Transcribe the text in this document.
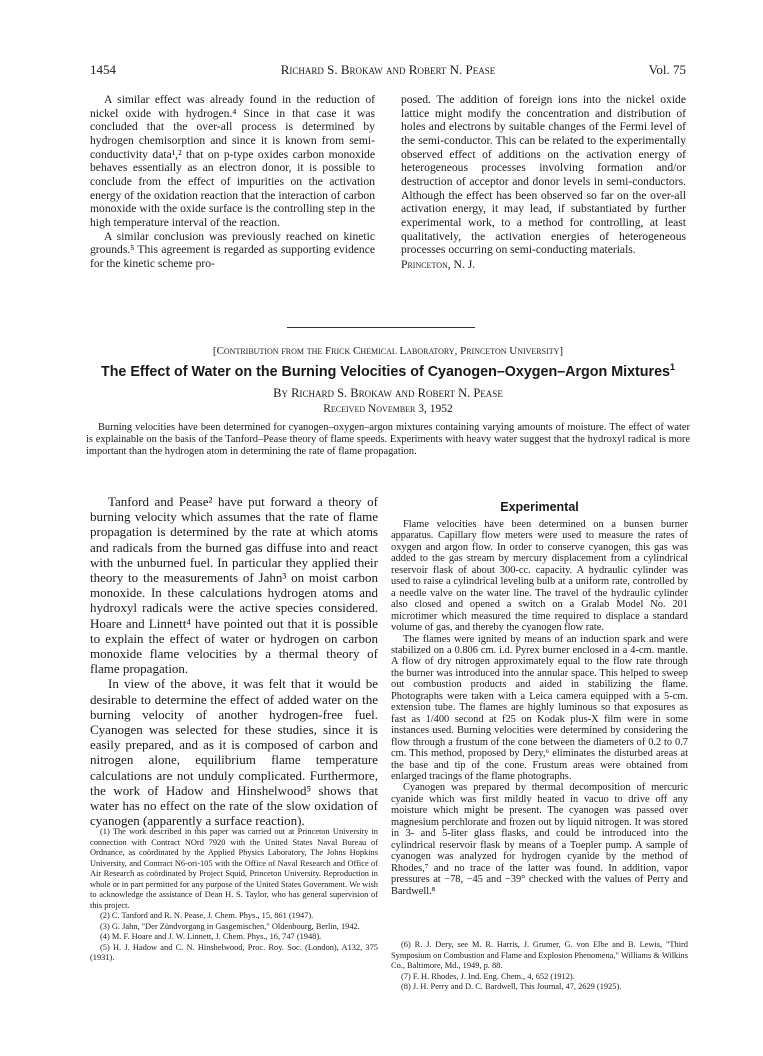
1454	Richard S. Brokaw and Robert N. Pease	Vol. 75

A similar effect was already found in the reduction of nickel oxide with hydrogen.⁴ Since in that case it was concluded that the over-all process is determined by hydrogen chemisorption and since it is known from semi-conductivity data¹,² that on p-type oxides carbon monoxide behaves essentially as an electron donor, it is possible to conclude from the effect of impurities on the activation energy of the oxidation reaction that the interaction of carbon monoxide with the oxide surface is the controlling step in the high temperature interval of the reaction.

A similar conclusion was previously reached on kinetic grounds.⁵ This agreement is regarded as supporting evidence for the kinetic scheme pro-

posed. The addition of foreign ions into the nickel oxide lattice might modify the concentration and distribution of holes and electrons by suitable changes of the Fermi level of the semi-conductor. This can be related to the experimentally observed effect of additions on the activation energy of heterogeneous processes involving formation and/or destruction of acceptor and donor levels in semi-conductors. Although the effect has been observed so far on the over-all activation energy, it may lead, if substantiated by further experimental work, to a method for controlling, at least qualitatively, the activation energies of heterogeneous processes occurring on semi-conducting materials.

Princeton, N. J.

[Contribution from the Frick Chemical Laboratory, Princeton University]
The Effect of Water on the Burning Velocities of Cyanogen–Oxygen–Argon Mixtures$^1$
By Richard S. Brokaw and Robert N. Pease
Received November 3, 1952

Burning velocities have been determined for cyanogen–oxygen–argon mixtures containing varying amounts of moisture. The effect of water is explainable on the basis of the Tanford–Pease theory of flame speeds. Experiments with heavy water suggest that the hydroxyl radical is more important than the hydrogen atom in determining the rate of flame propagation.

Tanford and Pease² have put forward a theory of burning velocity which assumes that the rate of flame propagation is determined by the rate at which atoms and radicals from the burned gas diffuse into and react with the unburned fuel. In particular they applied their theory to the measurements of Jahn³ on moist carbon monoxide. In these calculations hydrogen atoms and hydroxyl radicals were the active species considered. Hoare and Linnett⁴ have pointed out that it is possible to explain the effect of water or hydrogen on carbon monoxide flame velocities by a thermal theory of flame propagation.

In view of the above, it was felt that it would be desirable to determine the effect of added water on the burning velocity of another hydrogen-free fuel. Cyanogen was selected for these studies, since it is easily prepared, and as it is composed of carbon and nitrogen alone, equilibrium flame temperature calculations are not unduly complicated. Furthermore, the work of Hadow and Hinshelwood⁵ shows that water has no effect on the rate of the slow oxidation of cyanogen (apparently a surface reaction).

(1) The work described in this paper was carried out at Princeton University in connection with Contract NOrd 7920 with the United States Naval Bureau of Ordnance, as coördinated by the Applied Physics Laboratory, The Johns Hopkins University, and Contract N6-ori-105 with the Office of Naval Research and Office of Air Research as coördinated by Project Squid, Princeton University. Reproduction in whole or in part permitted for any purpose of the United States Government. We wish to acknowledge the assistance of Dean H. S. Taylor, who has general supervision of this project.

(2) C. Tanford and R. N. Pease, J. Chem. Phys., 15, 861 (1947).

(3) G. Jahn, "Der Zündvorgang in Gasgemischen," Oldenbourg, Berlin, 1942.

(4) M. F. Hoare and J. W. Linnett, J. Chem. Phys., 16, 747 (1948).

(5) H. J. Hadow and C. N. Hinshelwood, Proc. Roy. Soc. (London), A132, 375 (1931).

Experimental

Flame velocities have been determined on a bunsen burner apparatus. Capillary flow meters were used to measure the rates of oxygen and argon flow. In order to conserve cyanogen, this gas was added to the gas stream by mercury displacement from a cylindrical reservoir flask of about 300-cc. capacity. A hydraulic cylinder was used to raise a cylindrical leveling bulb at a uniform rate, controlled by a needle valve on the water line. The travel of the hydraulic cylinder also closed and opened a switch on a Gralab Model No. 201 microtimer which measured the time required to displace a standard volume of gas, and thereby the cyanogen flow rate.

The flames were ignited by means of an induction spark and were stabilized on a 0.806 cm. i.d. Pyrex burner enclosed in a 4-cm. mantle. A flow of dry nitrogen approximately equal to the flow rate through the burner was introduced into the annular space. This helped to sweep out combustion products and aided in stabilizing the flame. Photographs were taken with a Leica camera equipped with a 5-cm. extension tube. The flames are highly luminous so that exposures as fast as 1/400 second at f25 on Kodak plus-X film were in some instances used. Burning velocities were determined by considering the flow through a frustum of the cone between the diameters of 0.2 to 0.7 cm. This method, proposed by Dery,⁶ eliminates the disturbed areas at the base and tip of the cone. Frustum areas were obtained from enlarged tracings of the flame photographs.

Cyanogen was prepared by thermal decomposition of mercuric cyanide which was first mildly heated in vacuo to drive off any moisture which might be present. The cyanogen was passed over magnesium perchlorate and frozen out by liquid nitrogen. It was stored in 3- and 5-liter glass flasks, and could be introduced into the cylindrical reservoir flask by means of a Toepler pump. A sample of cyanogen was analyzed for hydrogen cyanide by the method of Rhodes,⁷ and no trace of the latter was found. In addition, vapor pressures at −78, −45 and −39° checked with the values of Perry and Bardwell.⁸

(6) R. J. Dery, see M. R. Harris, J. Grumer, G. von Elbe and B. Lewis, "Third Symposium on Combustion and Flame and Explosion Phenomena," Williams & Wilkins Co., Baltimore, Md., 1949, p. 88.

(7) F. H. Rhodes, J. Ind. Eng. Chem., 4, 652 (1912).

(8) J. H. Perry and D. C. Bardwell, This Journal, 47, 2629 (1925).
